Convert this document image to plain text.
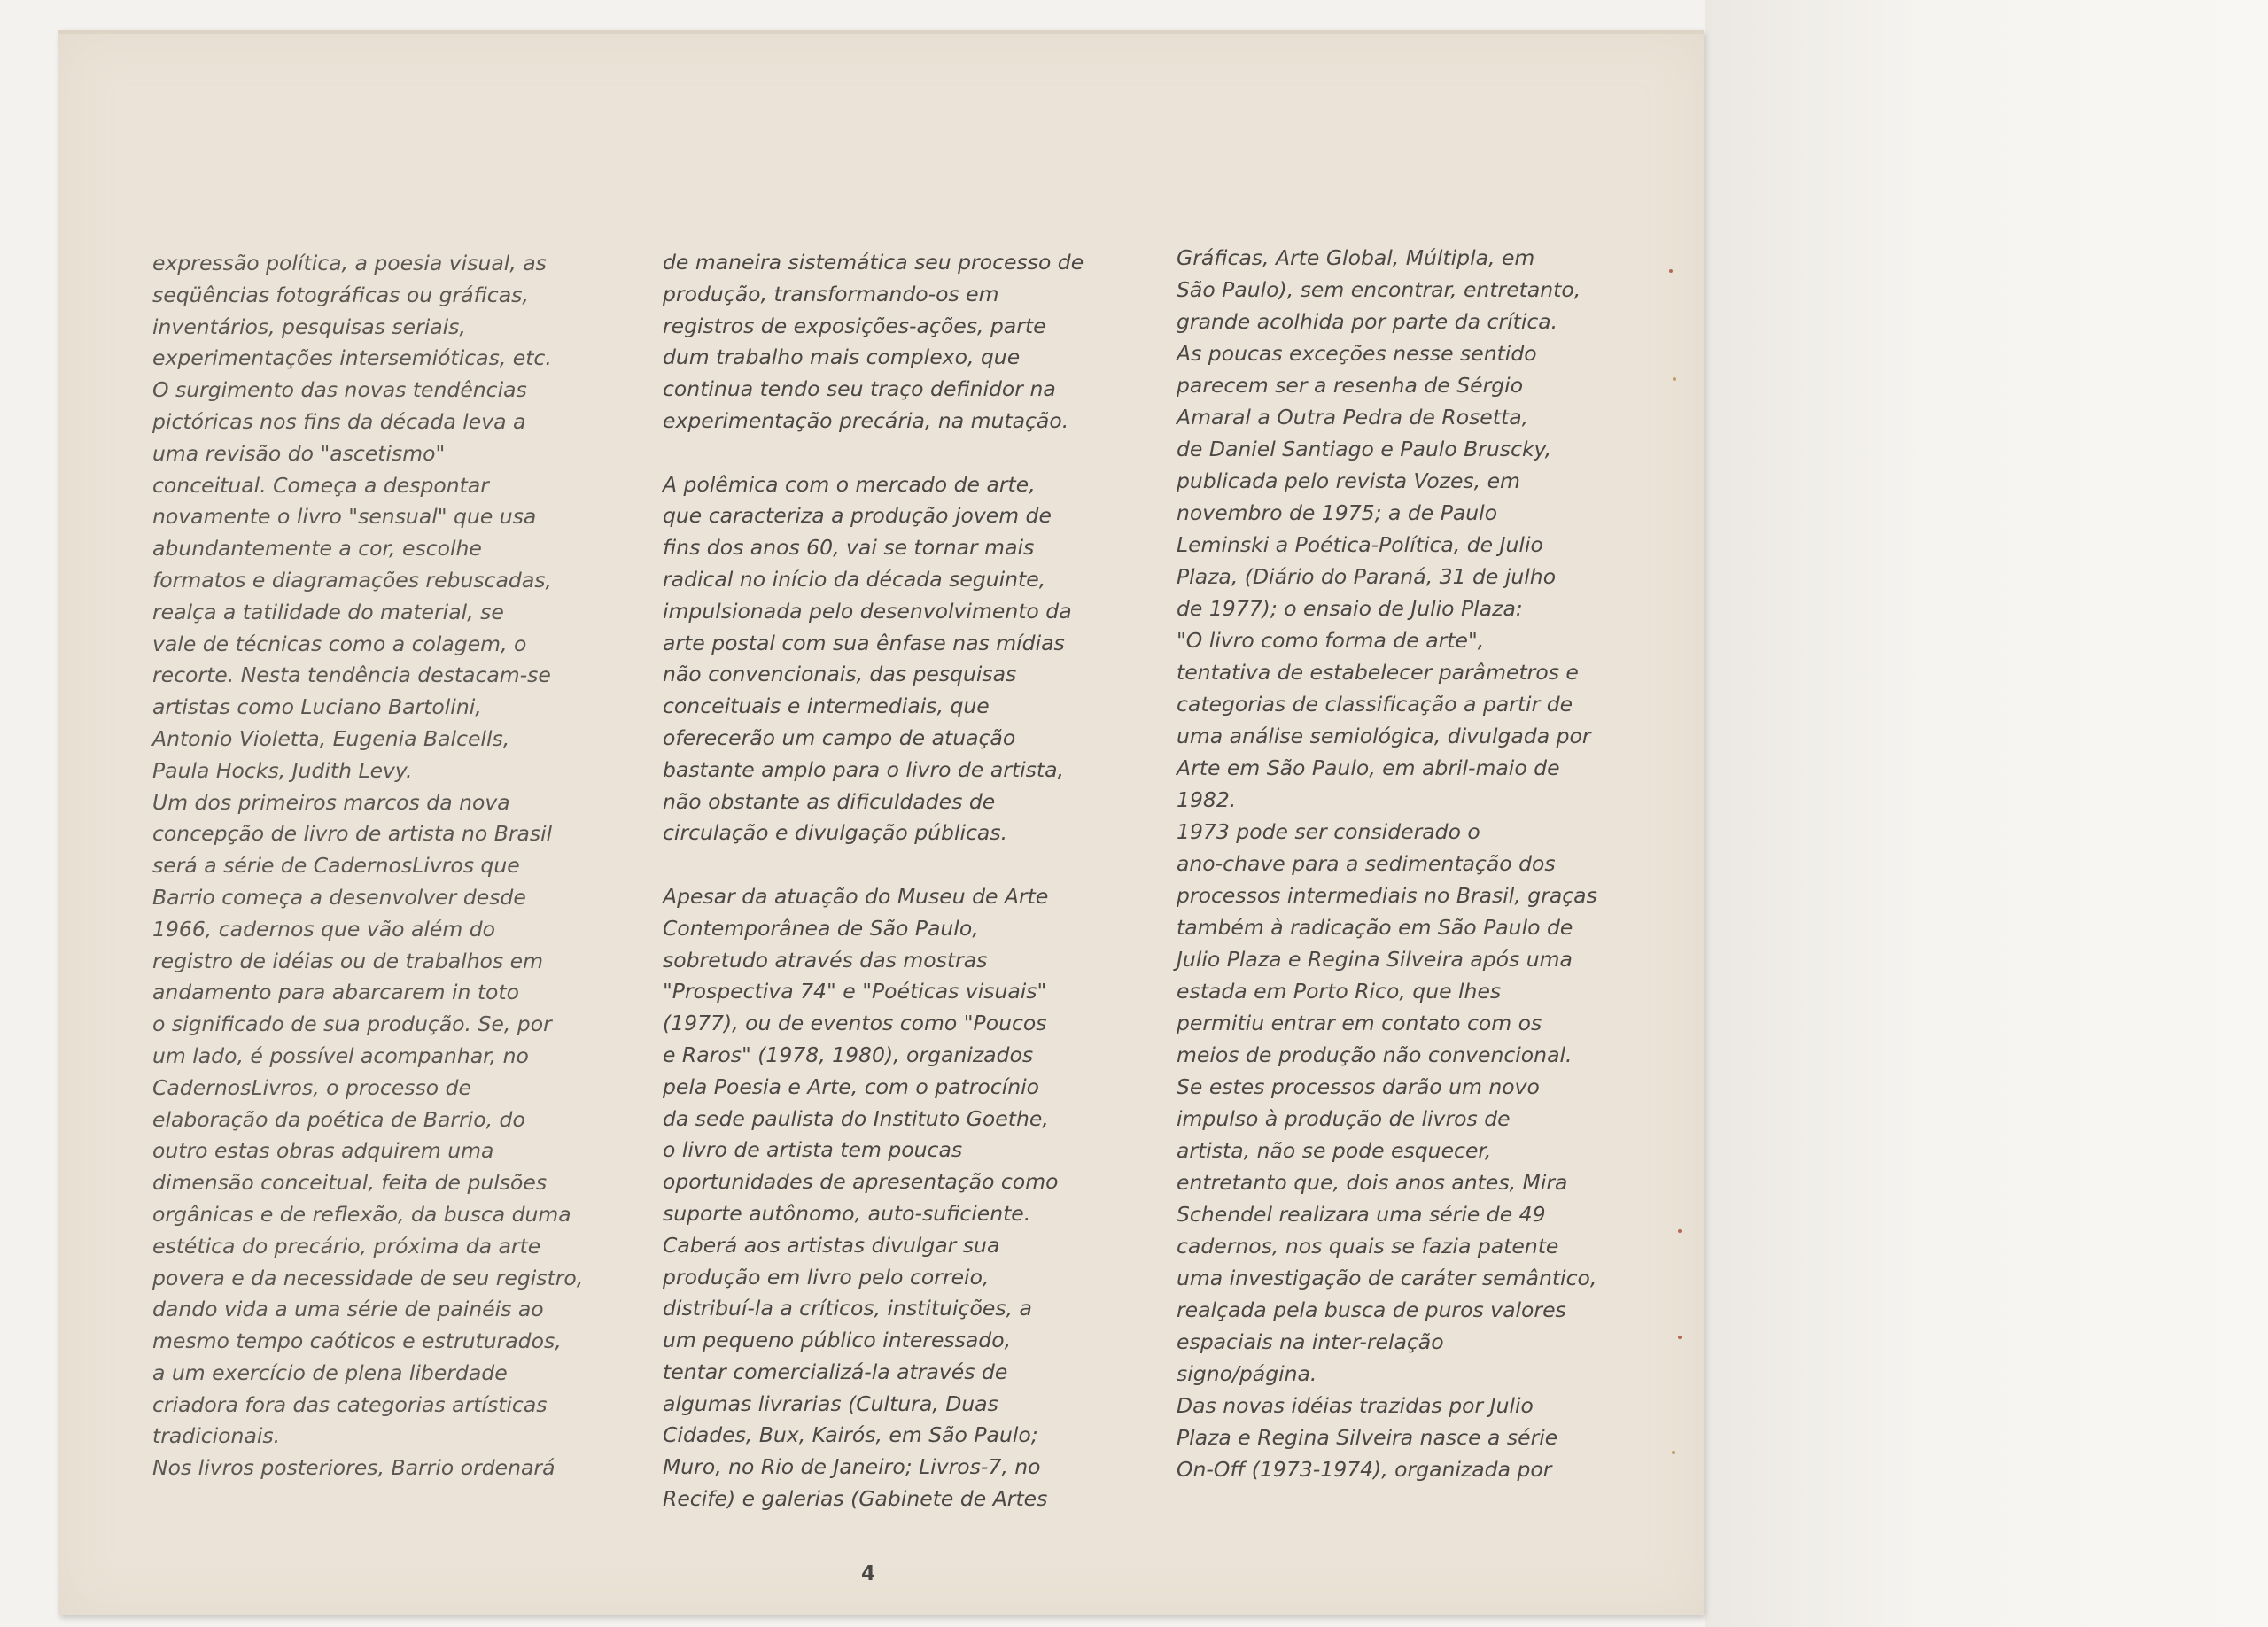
expressão política, a poesia visual, as
seqüências fotográficas ou gráficas,
inventários, pesquisas seriais,
experimentações intersemióticas, etc.
O surgimento das novas tendências
pictóricas nos fins da década leva a
uma revisão do "ascetismo"
conceitual. Começa a despontar
novamente o livro "sensual" que usa
abundantemente a cor, escolhe
formatos e diagramações rebuscadas,
realça a tatilidade do material, se
vale de técnicas como a colagem, o
recorte. Nesta tendência destacam-se
artistas como Luciano Bartolini,
Antonio Violetta, Eugenia Balcells,
Paula Hocks, Judith Levy.
Um dos primeiros marcos da nova
concepção de livro de artista no Brasil
será a série de CadernosLivros que
Barrio começa a desenvolver desde
1966, cadernos que vão além do
registro de idéias ou de trabalhos em
andamento para abarcarem in toto
o significado de sua produção. Se, por
um lado, é possível acompanhar, no
CadernosLivros, o processo de
elaboração da poética de Barrio, do
outro estas obras adquirem uma
dimensão conceitual, feita de pulsões
orgânicas e de reflexão, da busca duma
estética do precário, próxima da arte
povera e da necessidade de seu registro,
dando vida a uma série de painéis ao
mesmo tempo caóticos e estruturados,
a um exercício de plena liberdade
criadora fora das categorias artísticas
tradicionais.
Nos livros posteriores, Barrio ordenará
de maneira sistemática seu processo de
produção, transformando-os em
registros de exposições-ações, parte
dum trabalho mais complexo, que
continua tendo seu traço definidor na
experimentação precária, na mutação.

A polêmica com o mercado de arte,
que caracteriza a produção jovem de
fins dos anos 60, vai se tornar mais
radical no início da década seguinte,
impulsionada pelo desenvolvimento da
arte postal com sua ênfase nas mídias
não convencionais, das pesquisas
conceituais e intermediais, que
oferecerão um campo de atuação
bastante amplo para o livro de artista,
não obstante as dificuldades de
circulação e divulgação públicas.

Apesar da atuação do Museu de Arte
Contemporânea de São Paulo,
sobretudo através das mostras
"Prospectiva 74" e "Poéticas visuais"
(1977), ou de eventos como "Poucos
e Raros" (1978, 1980), organizados
pela Poesia e Arte, com o patrocínio
da sede paulista do Instituto Goethe,
o livro de artista tem poucas
oportunidades de apresentação como
suporte autônomo, auto-suficiente.
Caberá aos artistas divulgar sua
produção em livro pelo correio,
distribuí-la a críticos, instituições, a
um pequeno público interessado,
tentar comercializá-la através de
algumas livrarias (Cultura, Duas
Cidades, Bux, Kairós, em São Paulo;
Muro, no Rio de Janeiro; Livros-7, no
Recife) e galerias (Gabinete de Artes
Gráficas, Arte Global, Múltipla, em
São Paulo), sem encontrar, entretanto,
grande acolhida por parte da crítica.
As poucas exceções nesse sentido
parecem ser a resenha de Sérgio
Amaral a Outra Pedra de Rosetta,
de Daniel Santiago e Paulo Bruscky,
publicada pelo revista Vozes, em
novembro de 1975; a de Paulo
Leminski a Poética-Política, de Julio
Plaza, (Diário do Paraná, 31 de julho
de 1977); o ensaio de Julio Plaza:
"O livro como forma de arte",
tentativa de estabelecer parâmetros e
categorias de classificação a partir de
uma análise semiológica, divulgada por
Arte em São Paulo, em abril-maio de
1982.
1973 pode ser considerado o
ano-chave para a sedimentação dos
processos intermediais no Brasil, graças
também à radicação em São Paulo de
Julio Plaza e Regina Silveira após uma
estada em Porto Rico, que lhes
permitiu entrar em contato com os
meios de produção não convencional.
Se estes processos darão um novo
impulso à produção de livros de
artista, não se pode esquecer,
entretanto que, dois anos antes, Mira
Schendel realizara uma série de 49
cadernos, nos quais se fazia patente
uma investigação de caráter semântico,
realçada pela busca de puros valores
espaciais na inter-relação
signo/página.
Das novas idéias trazidas por Julio
Plaza e Regina Silveira nasce a série
On-Off (1973-1974), organizada por
4
